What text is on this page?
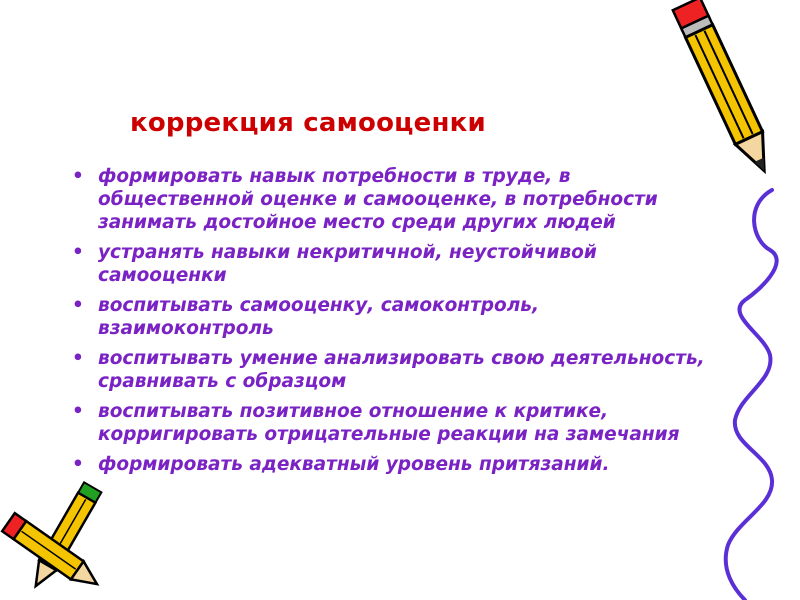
коррекция самооценки
• формировать навык потребности в труде, в общественной оценке и самооценке, в потребности занимать достойное место среди других людей
• устранять навыки некритичной, неустойчивой самооценки
• воспитывать самооценку, самоконтроль, взаимоконтроль
• воспитывать умение анализировать свою деятельность, сравнивать с образцом
• воспитывать позитивное отношение к критике, корригировать отрицательные реакции на замечания
• формировать адекватный уровень притязаний.
